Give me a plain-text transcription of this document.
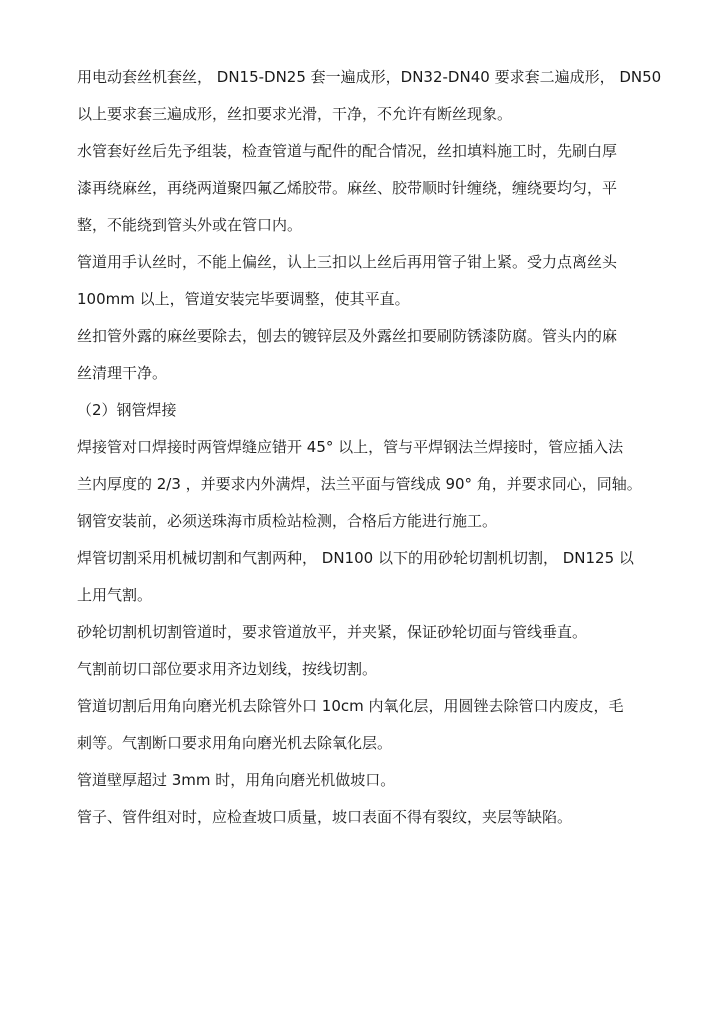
用电动套丝机套丝， DN15-DN25 套一遍成形，DN32-DN40 要求套二遍成形， DN50
以上要求套三遍成形，丝扣要求光滑，干净，不允许有断丝现象。
水管套好丝后先予组装，检查管道与配件的配合情况，丝扣填料施工时，先刷白厚
漆再绕麻丝，再绕两道聚四氟乙烯胶带。麻丝、胶带顺时针缠绕，缠绕要均匀，平
整，不能绕到管头外或在管口内。
管道用手认丝时，不能上偏丝，认上三扣以上丝后再用管子钳上紧。受力点离丝头
100mm 以上，管道安装完毕要调整，使其平直。
丝扣管外露的麻丝要除去，刨去的镀锌层及外露丝扣要刷防锈漆防腐。管头内的麻
丝清理干净。
（2）钢管焊接
焊接管对口焊接时两管焊缝应错开 45° 以上，管与平焊钢法兰焊接时，管应插入法
兰内厚度的 2/3 ，并要求内外满焊，法兰平面与管线成 90° 角，并要求同心，同轴。
钢管安装前，必须送珠海市质检站检测，合格后方能进行施工。
焊管切割采用机械切割和气割两种， DN100 以下的用砂轮切割机切割， DN125 以
上用气割。
砂轮切割机切割管道时，要求管道放平，并夹紧，保证砂轮切面与管线垂直。
气割前切口部位要求用齐边划线，按线切割。
管道切割后用角向磨光机去除管外口 10cm 内氧化层，用圆锉去除管口内废皮，毛
刺等。气割断口要求用角向磨光机去除氧化层。
管道壁厚超过 3mm 时，用角向磨光机做坡口。
管子、管件组对时，应检查坡口质量，坡口表面不得有裂纹，夹层等缺陷。
